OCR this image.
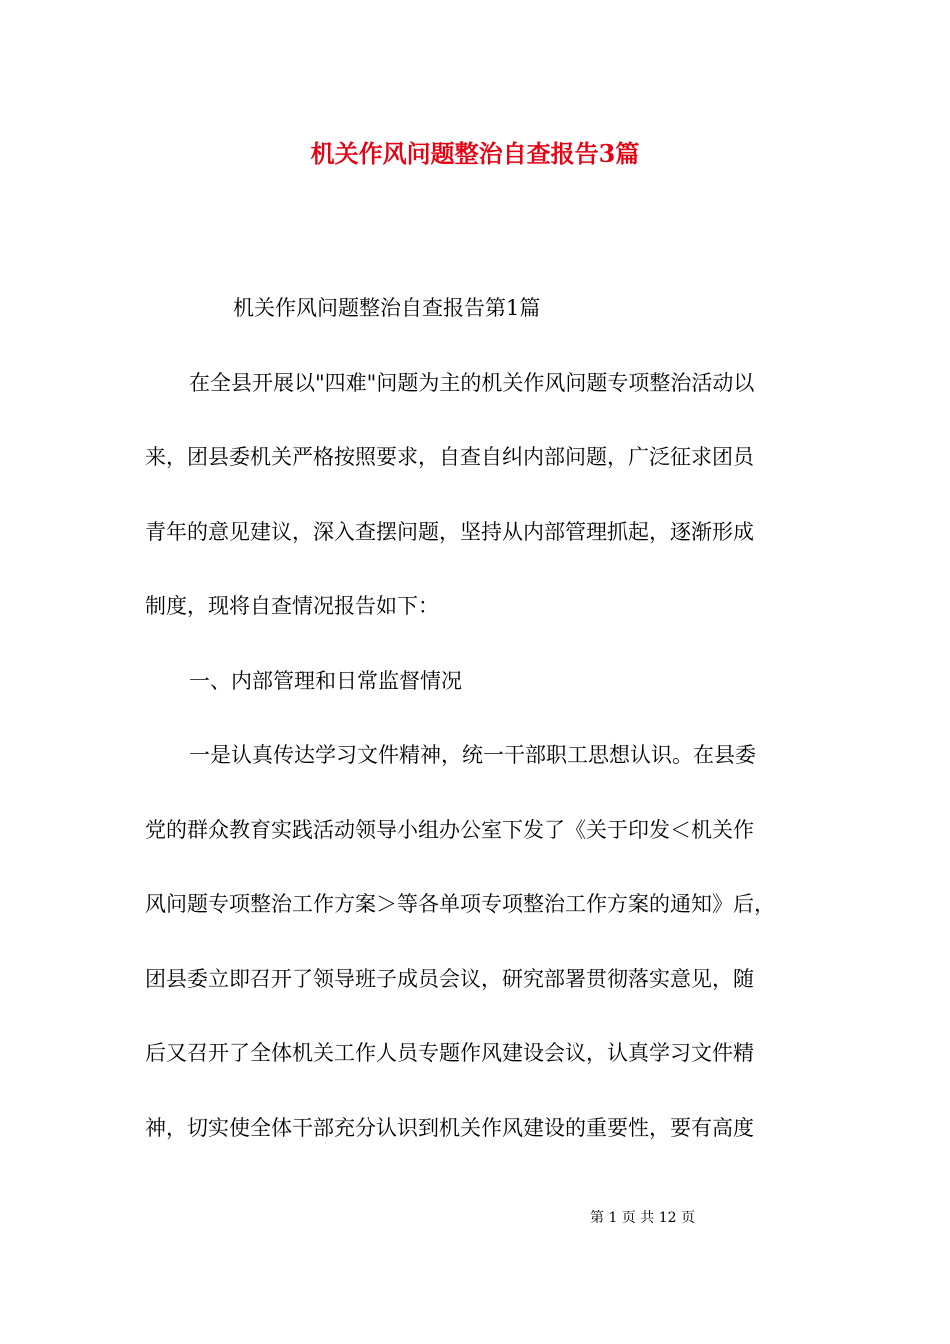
机关作风问题整治自查报告3篇
机关作风问题整治自查报告第1篇
在全县开展以"四难"问题为主的机关作风问题专项整治活动以
来，团县委机关严格按照要求，自查自纠内部问题，广泛征求团员
青年的意见建议，深入查摆问题，坚持从内部管理抓起，逐渐形成
制度，现将自查情况报告如下：
一、内部管理和日常监督情况
一是认真传达学习文件精神，统一干部职工思想认识。在县委
党的群众教育实践活动领导小组办公室下发了《关于印发＜机关作
风问题专项整治工作方案＞等各单项专项整治工作方案的通知》后，
团县委立即召开了领导班子成员会议，研究部署贯彻落实意见，随
后又召开了全体机关工作人员专题作风建设会议，认真学习文件精
神，切实使全体干部充分认识到机关作风建设的重要性，要有高度
第 1 页 共 12 页
